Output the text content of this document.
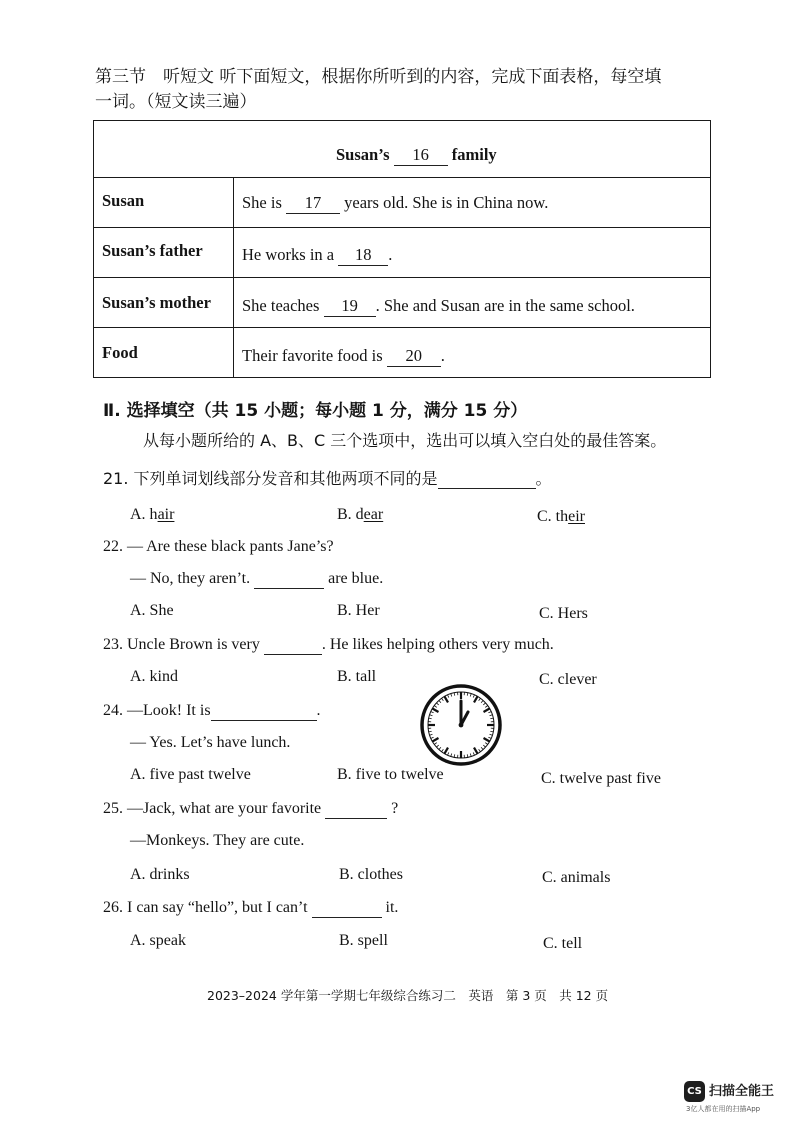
第三节　听短文 听下面短文，根据你所听到的内容，完成下面表格，每空填
一词。（短文读三遍）
Susan’s 16 family
Susan	She is 17 years old. She is in China now.
Susan’s father He works in a 18 .
Susan’s mother She teaches 19 . She and Susan are in the same school.
Food	Their favorite food is 20 .
Ⅱ. 选择填空（共 15 小题；每小题 1 分，满分 15 分）
从每小题所给的 A、B、C 三个选项中，选出可以填入空白处的最佳答案。
21. 下列单词划线部分发音和其他两项不同的是	。
A. hair	B. dear	C. their
22. — Are these black pants Jane’s?
— No, they aren’t.	are blue.
A. She	B. Her	C. Hers
23. Uncle Brown is very	. He likes helping others very much.
A. kind	B. tall	C. clever
24. —Look! It is	.
— Yes. Let’s have lunch.
A. five past twelve	B. five to twelve	C. twelve past five
25. —Jack, what are your favorite	?
—Monkeys. They are cute.
A. drinks	B. clothes	C. animals
26. I can say “hello”, but I can’t	it.
A. speak	B. spell	C. tell
2023–2024 学年第一学期七年级综合练习二　英语　第 3 页　共 12 页
CS 扫描全能王
3亿人都在用的扫描App
